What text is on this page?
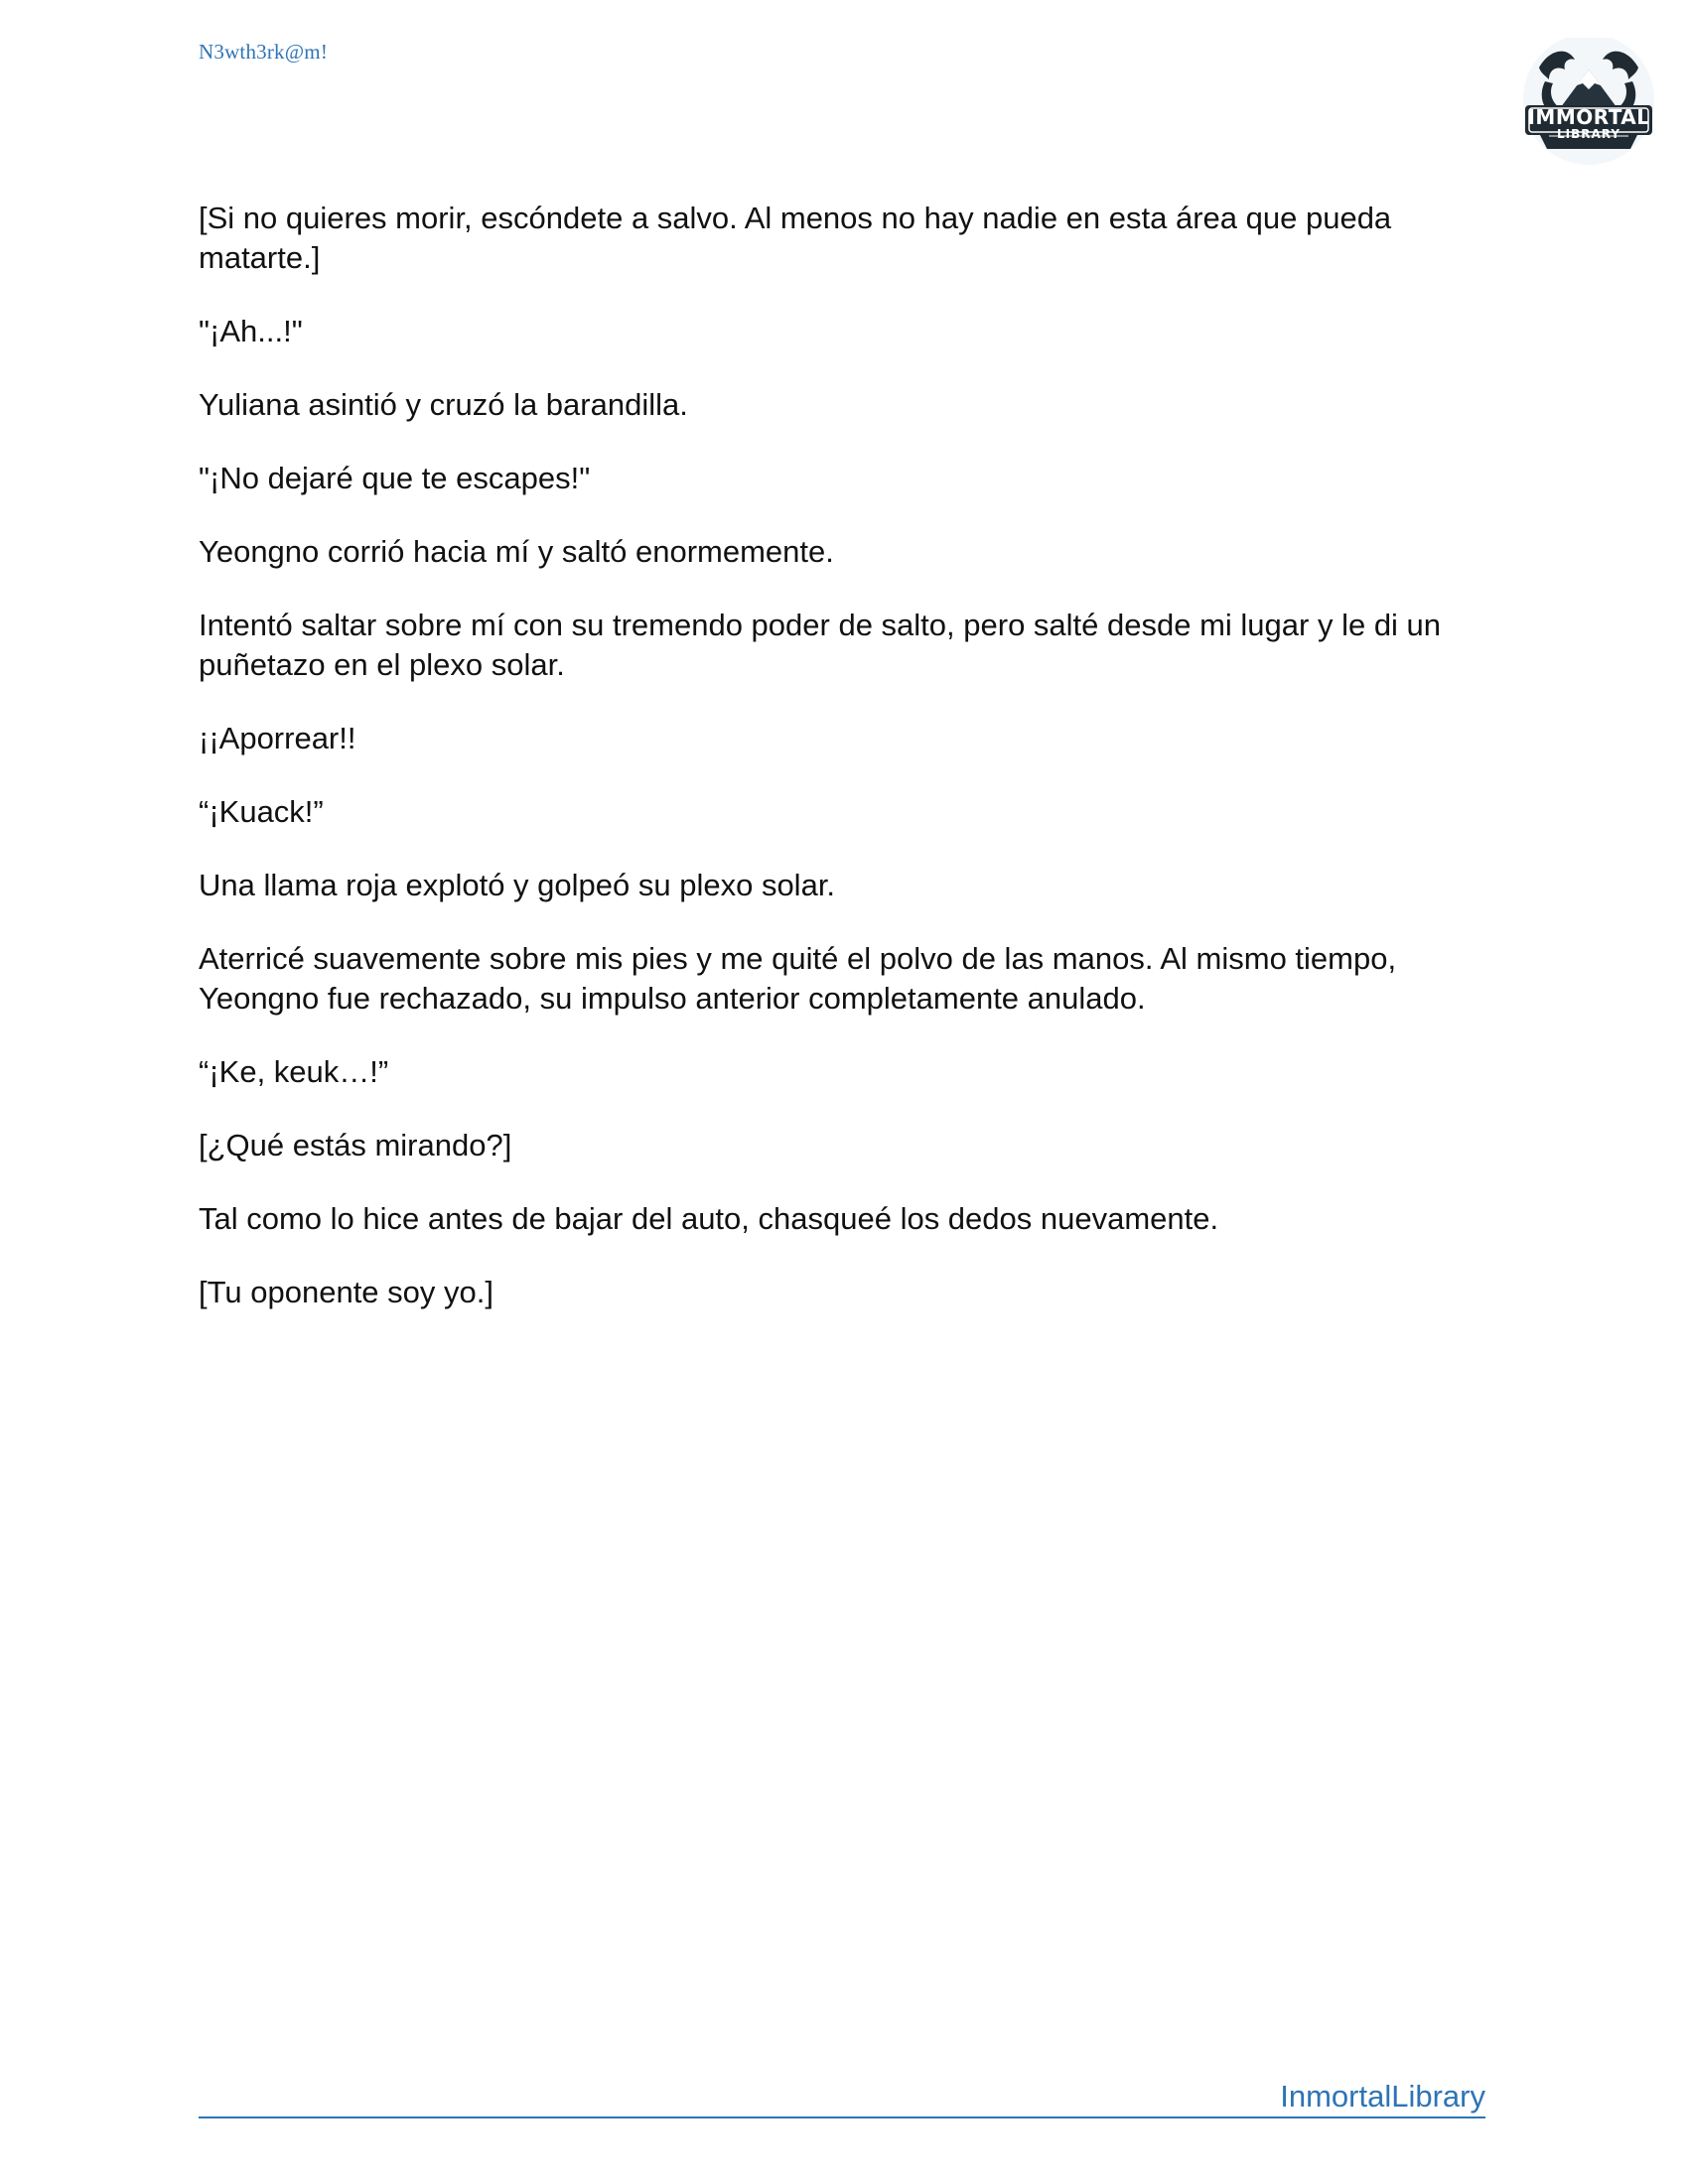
N3wth3rk@m!
IMMORTAL
LIBRARY

[Si no quieres morir, escóndete a salvo. Al menos no hay nadie en esta área que pueda matarte.]

"¡Ah...!"

Yuliana asintió y cruzó la barandilla.

"¡No dejaré que te escapes!"

Yeongno corrió hacia mí y saltó enormemente.

Intentó saltar sobre mí con su tremendo poder de salto, pero salté desde mi lugar y le di un puñetazo en el plexo solar.

¡¡Aporrear!!

“¡Kuack!”

Una llama roja explotó y golpeó su plexo solar.

Aterricé suavemente sobre mis pies y me quité el polvo de las manos. Al mismo tiempo, Yeongno fue rechazado, su impulso anterior completamente anulado.

“¡Ke, keuk…!”

[¿Qué estás mirando?]

Tal como lo hice antes de bajar del auto, chasqueé los dedos nuevamente.

[Tu oponente soy yo.]

InmortalLibrary
